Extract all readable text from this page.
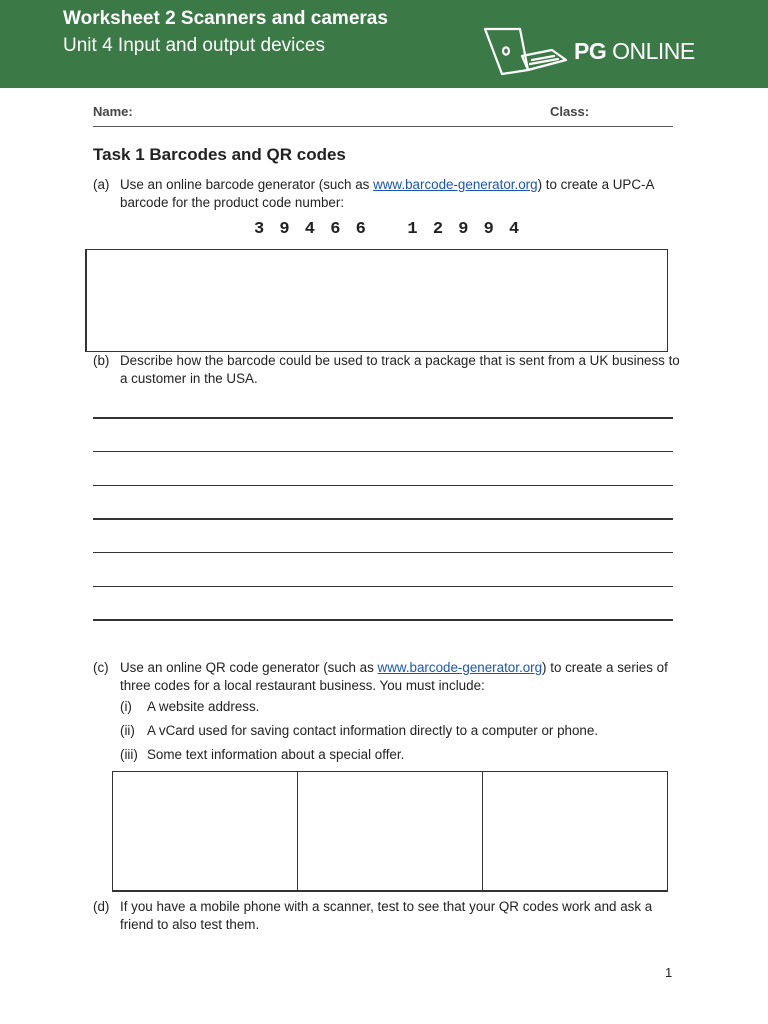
Worksheet 2 Scanners and cameras
Unit 4 Input and output devices	PG ONLINE
Name:	Class:
Task 1 Barcodes and QR codes
(a) Use an online barcode generator (such as www.barcode-generator.org) to create a UPC-A barcode for the product code number:
3 9 4 6 6   1 2 9 9 4
(b) Describe how the barcode could be used to track a package that is sent from a UK business to a customer in the USA.
(c) Use an online QR code generator (such as www.barcode-generator.org) to create a series of three codes for a local restaurant business. You must include:
(i) A website address.
(ii) A vCard used for saving contact information directly to a computer or phone.
(iii) Some text information about a special offer.
(d) If you have a mobile phone with a scanner, test to see that your QR codes work and ask a friend to also test them.
1
